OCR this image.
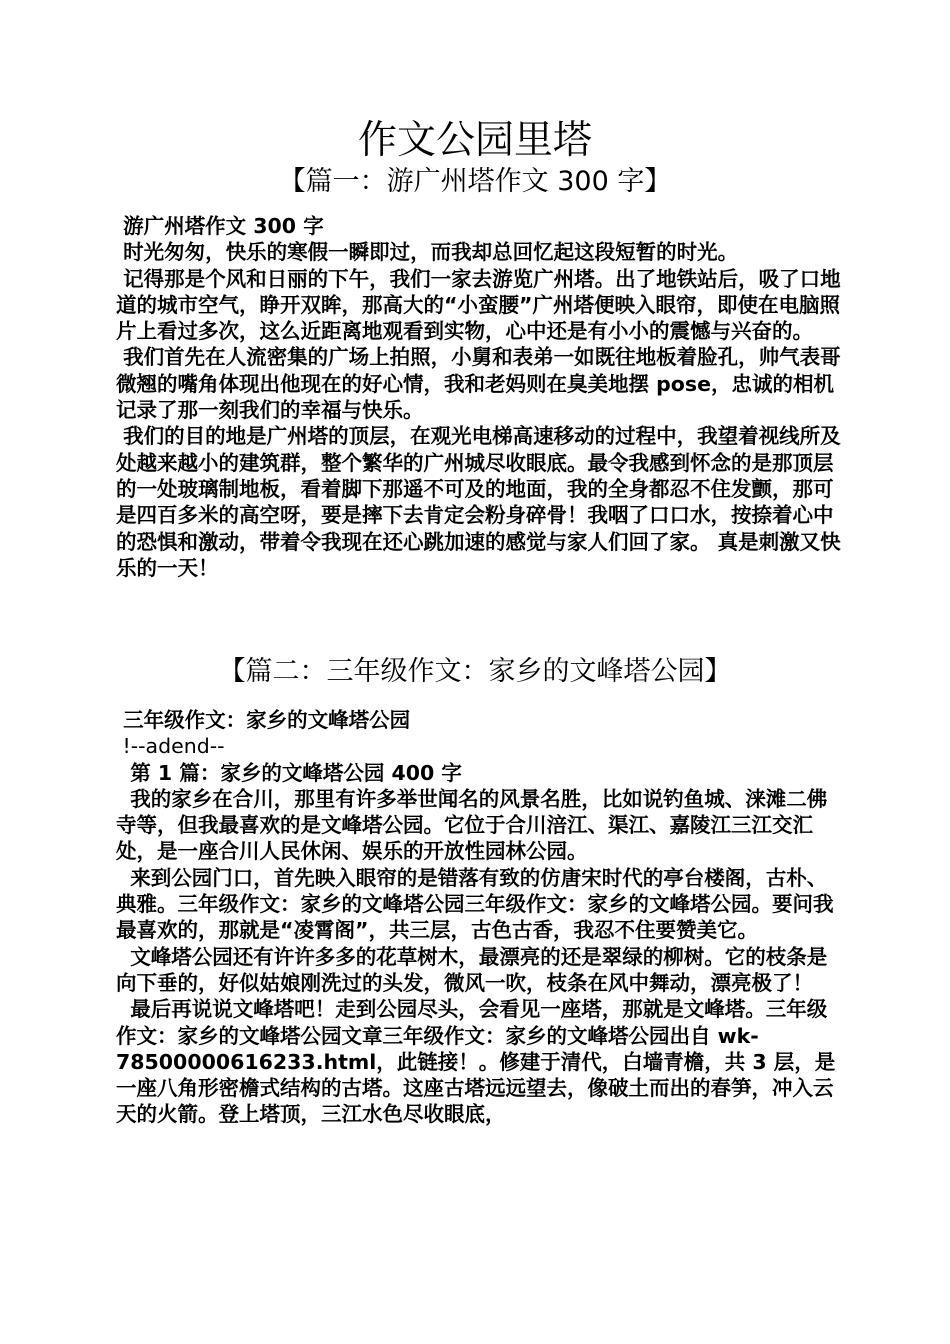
作文公园里塔
【篇一：游广州塔作文 300 字】

游广州塔作文 300 字

时光匆匆，快乐的寒假一瞬即过，而我却总回忆起这段短暂的时光。

记得那是个风和日丽的下午，我们一家去游览广州塔。出了地铁站后，吸了口地道的城市空气，睁开双眸，那高大的“小蛮腰”广州塔便映入眼帘，即使在电脑照片上看过多次，这么近距离地观看到实物，心中还是有小小的震憾与兴奋的。

我们首先在人流密集的广场上拍照，小舅和表弟一如既往地板着脸孔，帅气表哥微翘的嘴角体现出他现在的好心情，我和老妈则在臭美地摆 pose，忠诚的相机记录了那一刻我们的幸福与快乐。

我们的目的地是广州塔的顶层，在观光电梯高速移动的过程中，我望着视线所及处越来越小的建筑群，整个繁华的广州城尽收眼底。最令我感到怀念的是那顶层的一处玻璃制地板，看着脚下那遥不可及的地面，我的全身都忍不住发颤，那可是四百多米的高空呀，要是摔下去肯定会粉身碎骨！我咽了口口水，按捺着心中的恐惧和激动，带着令我现在还心跳加速的感觉与家人们回了家。 真是刺激又快乐的一天！

【篇二：三年级作文：家乡的文峰塔公园】

三年级作文：家乡的文峰塔公园

!--adend--

第 1 篇：家乡的文峰塔公园 400 字

我的家乡在合川，那里有许多举世闻名的风景名胜，比如说钓鱼城、涞滩二佛寺等，但我最喜欢的是文峰塔公园。它位于合川涪江、渠江、嘉陵江三江交汇处，是一座合川人民休闲、娱乐的开放性园林公园。

来到公园门口，首先映入眼帘的是错落有致的仿唐宋时代的亭台楼阁，古朴、典雅。三年级作文：家乡的文峰塔公园三年级作文：家乡的文峰塔公园。要问我最喜欢的，那就是“凌霄阁”，共三层，古色古香，我忍不住要赞美它。

文峰塔公园还有许许多多的花草树木，最漂亮的还是翠绿的柳树。它的枝条是向下垂的，好似姑娘刚洗过的头发，微风一吹，枝条在风中舞动，漂亮极了！

最后再说说文峰塔吧！走到公园尽头，会看见一座塔，那就是文峰塔。三年级作文：家乡的文峰塔公园文章三年级作文：家乡的文峰塔公园出自 wk-78500000616233.html，此链接！。修建于清代，白墙青檐，共 3 层，是一座八角形密檐式结构的古塔。这座古塔远远望去，像破土而出的春笋，冲入云天的火箭。登上塔顶，三江水色尽收眼底，
